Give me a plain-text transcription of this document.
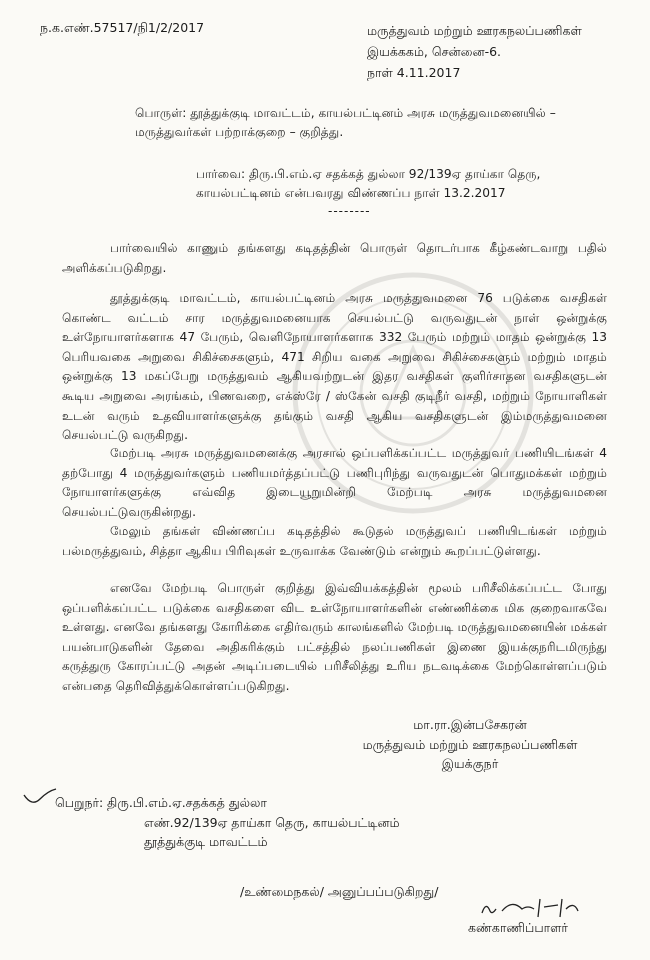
ந.க.எண்.57517/நி1/2/2017	மருத்துவம் மற்றும் ஊரகநலப்பணிகள்
இயக்ககம், சென்னை-6.
நாள் 4.11.2017
பொருள்: தூத்துக்குடி மாவட்டம், காயல்பட்டினம் அரசு மருத்துவமனையில் – மருத்துவர்கள் பற்றாக்குறை – குறித்து.
பார்வை: திரு.பி.எம்.ஏ சதக்கத் துல்லா 92/139ஏ தாய்கா தெரு, காயல்பட்டினம் என்பவரது விண்ணப்ப நாள் 13.2.2017
--------
பார்வையில் காணும் தங்களது கடிதத்தின் பொருள் தொடர்பாக கீழ்கண்டவாறு பதில் அளிக்கப்படுகிறது.
தூத்துக்குடி மாவட்டம், காயல்பட்டினம் அரசு மருத்துவமனை 76 படுக்கை வசதிகள் கொண்ட வட்டம் சார மருத்துவமனையாக செயல்பட்டு வருவதுடன் நாள் ஒன்றுக்கு உள்நோயாளர்களாக 47 பேரும், வெளிநோயாளர்களாக 332 பேரும் மற்றும் மாதம் ஒன்றுக்கு 13 பெரியவகை அறுவை சிகிச்சைகளும், 471 சிறிய வகை அறுவை சிகிச்சைகளும் மற்றும் மாதம் ஒன்றுக்கு 13 மகப்பேறு மருத்துவம் ஆகியவற்றுடன் இதர வசதிகள் குளிர்சாதன வசதிகளுடன் கூடிய அறுவை அரங்கம், பிணவறை, எக்ஸ்ரே / ஸ்கேன் வசதி குடிநீர் வசதி, மற்றும் நோயாளிகள் உடன் வரும் உதவியாளர்களுக்கு தங்கும் வசதி ஆகிய வசதிகளுடன் இம்மருத்துவமனை செயல்பட்டு வருகிறது.
மேற்படி அரசு மருத்துவமனைக்கு அரசால் ஒப்பளிக்கப்பட்ட மருத்துவர் பணியிடங்கள் 4 தற்போது 4 மருத்துவர்களும் பணியமர்த்தப்பட்டு பணிபுரிந்து வருவதுடன் பொதுமக்கள் மற்றும் நோயாளர்களுக்கு எவ்வித இடையூறுமின்றி மேற்படி அரசு மருத்துவமனை செயல்பட்டுவருகின்றது.
மேலும் தங்கள் விண்ணப்ப கடிதத்தில் கூடுதல் மருத்துவப் பணியிடங்கள் மற்றும் பல்மருத்துவம், சித்தா ஆகிய பிரிவுகள் உருவாக்க வேண்டும் என்றும் கூறப்பட்டுள்ளது.
எனவே மேற்படி பொருள் குறித்து இவ்வியக்கத்தின் மூலம் பரிசீலிக்கப்பட்ட போது ஒப்பளிக்கப்பட்ட படுக்கை வசதிகளை விட உள்நோயாளர்களின் எண்ணிக்கை மிக குறைவாகவே உள்ளது. எனவே தங்களது கோரிக்கை எதிர்வரும் காலங்களில் மேற்படி மருத்துவமனையின் மக்கள் பயன்பாடுகளின் தேவை அதிகரிக்கும் பட்சத்தில் நலப்பணிகள் இணை இயக்குநரிடமிருந்து கருத்துரு கோரப்பட்டு அதன் அடிப்படையில் பரிசீலித்து உரிய நடவடிக்கை மேற்கொள்ளப்படும் என்பதை தெரிவித்துக்கொள்ளப்படுகிறது.
மா.ரா.இன்பசேகரன்
மருத்துவம் மற்றும் ஊரகநலப்பணிகள்
இயக்குநர்
பெறுநர்: திரு.பி.எம்.ஏ.சதக்கத் துல்லா
எண்.92/139ஏ தாய்கா தெரு, காயல்பட்டினம்
தூத்துக்குடி மாவட்டம்
/உண்மைநகல்/ அனுப்பப்படுகிறது/
கண்காணிப்பாளர்
